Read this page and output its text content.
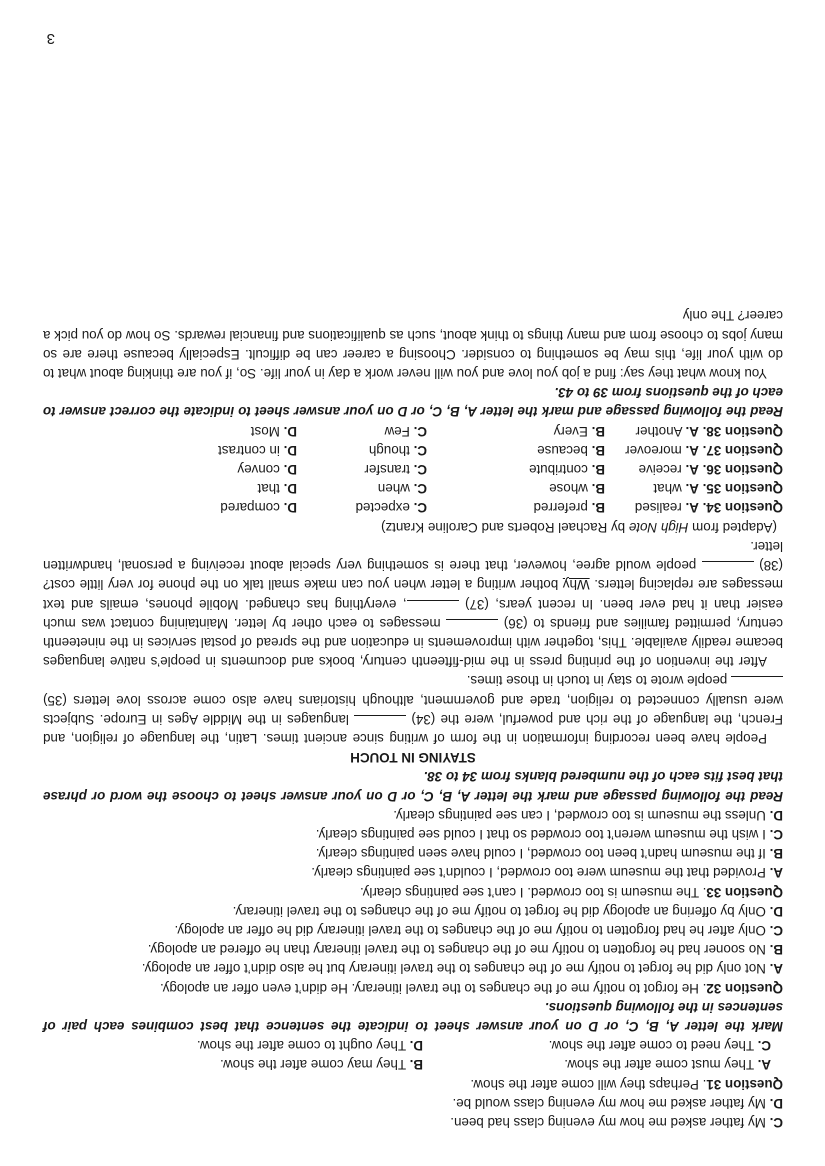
C. My father asked me how my evening class had been.

D. My father asked me how my evening class would be.

Question 31. Perhaps they will come after the show.

A. They must come after the show.
B. They may come after the show.
C. They need to come after the show.
D. They ought to come after the show.

Mark the letter A, B, C, or D on your answer sheet to indicate the sentence that best combines each pair of sentences in the following questions.

Question 32. He forgot to notify me of the changes to the travel itinerary. He didn’t even offer an apology.

A. Not only did he forget to notify me of the changes to the travel itinerary but he also didn’t offer an apology.

B. No sooner had he forgotten to notify me of the changes to the travel itinerary than he offered an apology.

C. Only after he had forgotten to notify me of the changes to the travel itinerary did he offer an apology.

D. Only by offering an apology did he forget to notify me of the changes to the travel itinerary.

Question 33. The museum is too crowded. I can’t see paintings clearly.

A. Provided that the museum were too crowded, I couldn’t see paintings clearly.

B. If the museum hadn’t been too crowded, I could have seen paintings clearly.

C. I wish the museum weren’t too crowded so that I could see paintings clearly.

D. Unless the museum is too crowded, I can see paintings clearly.

Read the following passage and mark the letter A, B, C, or D on your answer sheet to choose the word or phrase that best fits each of the numbered blanks from 34 to 38.

STAYING IN TOUCH

People have been recording information in the form of writing since ancient times. Latin, the language of religion, and French, the language of the rich and powerful, were the (34)  languages in the Middle Ages in Europe. Subjects were usually connected to religion, trade and government, although historians have also come across love letters (35)  people wrote to stay in touch in those times.

After the invention of the printing press in the mid-fifteenth century, books and documents in people’s native languages became readily available. This, together with improvements in education and the spread of postal services in the nineteenth century, permitted families and friends to (36)  messages to each other by letter. Maintaining contact was much easier than it had ever been. In recent years, (37) , everything has changed. Mobile phones, emails and text messages are replacing letters. Why bother writing a letter when you can make small talk on the phone for very little cost? (38)  people would agree, however, that there is something very special about receiving a personal, handwritten letter.

(Adapted from High Note by Rachael Roberts and Caroline Krantz)

Question 34. A. realised
B. preferred
C. expected
D. compared
Question 35. A. what
B. whose
C. when
D. that
Question 36. A. receive
B. contribute
C. transfer
D. convey
Question 37. A. moreover
B. because
C. though
D. in contrast
Question 38. A. Another
B. Every
C. Few
D. Most

Read the following passage and mark the letter A, B, C, or D on your answer sheet to indicate the correct answer to each of the questions from 39 to 43.

You know what they say: find a job you love and you will never work a day in your life. So, if you are thinking about what to do with your life, this may be something to consider. Choosing a career can be difficult. Especially because there are so many jobs to choose from and many things to think about, such as qualifications and financial rewards. So how do you pick a career? The only

3
